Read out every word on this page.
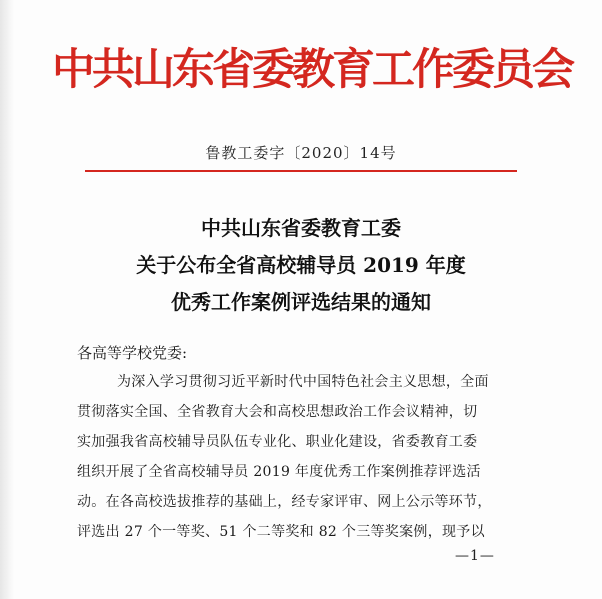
中共山东省委教育工作委员会
鲁教工委字〔2020〕14号
中共山东省委教育工委
关于公布全省高校辅导员 2019 年度
优秀工作案例评选结果的通知
各高等学校党委:
为深入学习贯彻习近平新时代中国特色社会主义思想，全面
贯彻落实全国、全省教育大会和高校思想政治工作会议精神，切
实加强我省高校辅导员队伍专业化、职业化建设，省委教育工委
组织开展了全省高校辅导员 2019 年度优秀工作案例推荐评选活
动。在各高校选拔推荐的基础上，经专家评审、网上公示等环节，
评选出 27 个一等奖、51 个二等奖和 82 个三等奖案例，现予以
—1—
